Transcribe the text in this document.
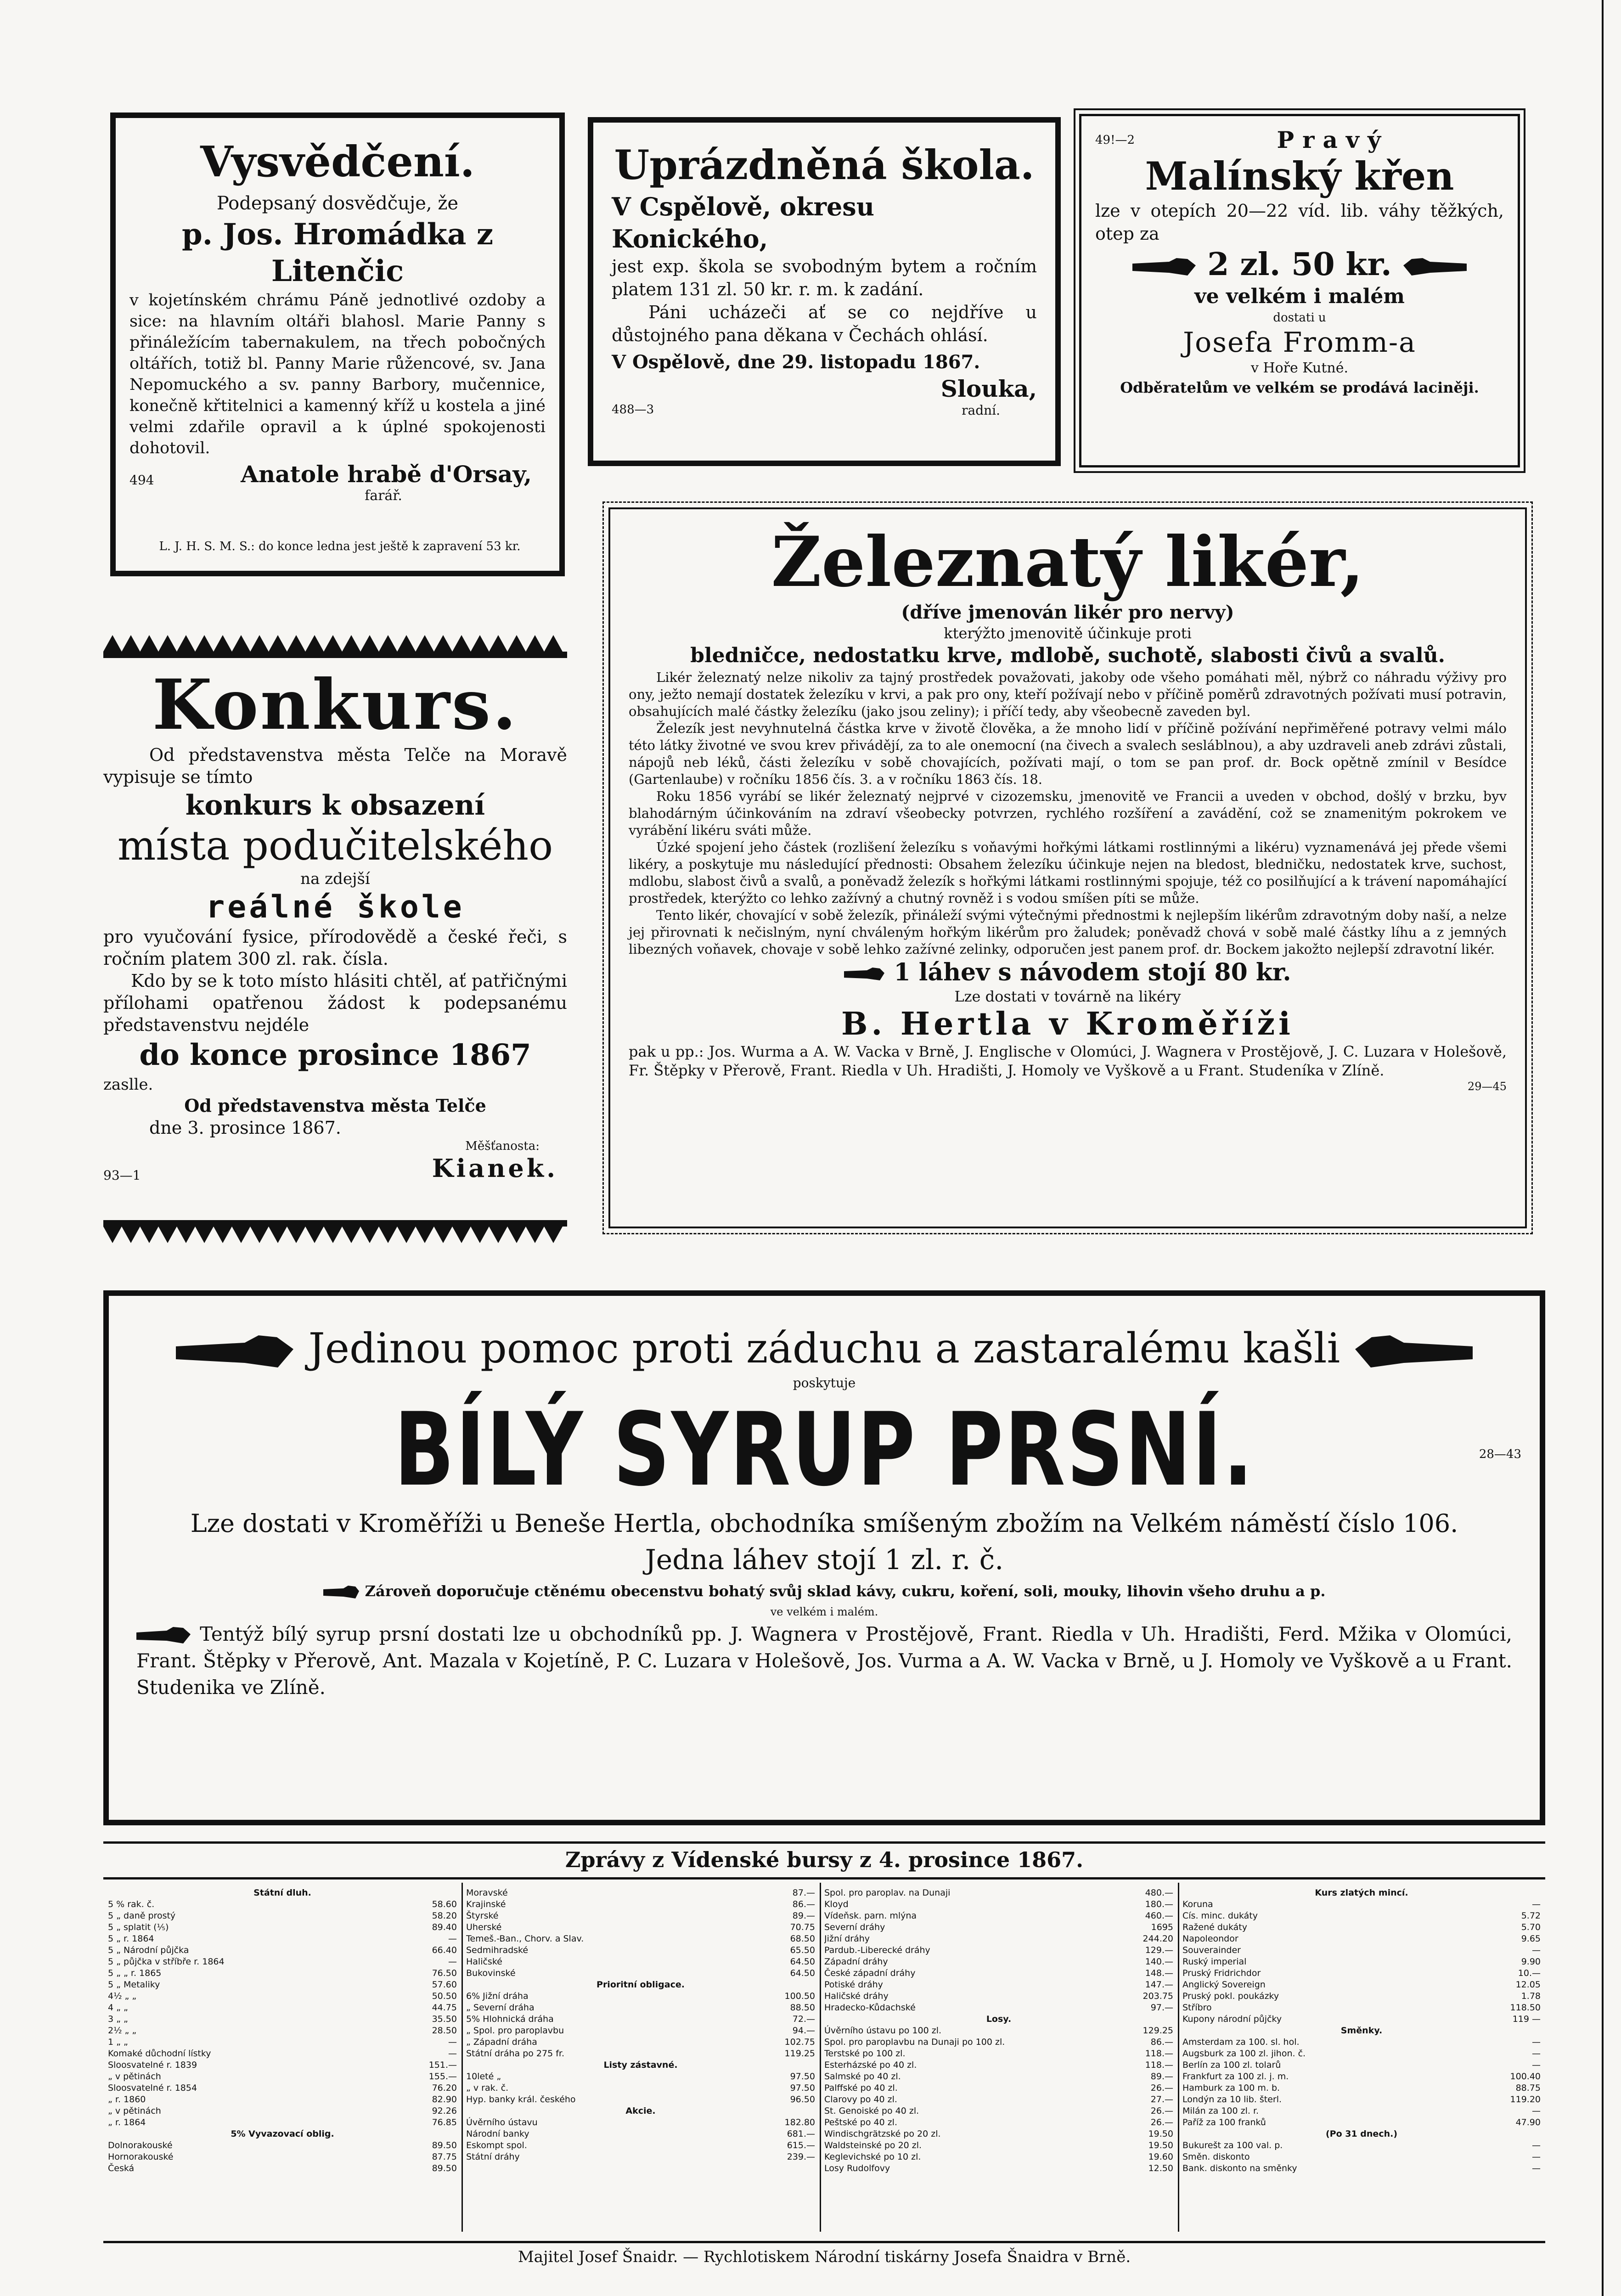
Vysvědčení.
Podepsaný dosvědčuje, že
p. Jos. Hromádka z Litenčic
v kojetínském chrámu Páně jednotlivé ozdoby a sice: na hlavním oltáři blahosl. Marie Panny s přináležícím tabernakulem, na třech pobočných oltářích, totiž bl. Panny Marie růžencové, sv. Jana Nepomuckého a sv. panny Barbory, mučennice, konečně křtitelnici a kamenný kříž u kostela a jiné velmi zdařile opravil a k úplné spokojenosti dohotovil.
494	Anatole hrabě d'Orsay,
farář.
L. J. H. S. M. S.: do konce ledna jest ještě k zapravení 53 kr.
Uprázdněná škola.
V Cspělově, okresu Konického,
jest exp. škola se svobodným bytem a ročním platem 131 zl. 50 kr. r. m. k zadání.
Páni ucházeči ať se co nejdříve u důstojného pana děkana v Čechách ohlásí.
V Ospělově, dne 29. listopadu 1867.
Slouka,
488—3	radní.
49!—2	Pravý
Malínský křen
lze v otepích 20—22 víd. lib. váhy těžkých, otep za
2 zl. 50 kr.
ve velkém i malém
dostati u
Josefa Fromm-a
v Hoře Kutné.
Odběratelům ve velkém se prodává laciněji.
Konkurs.
Od představenstva města Telče na Moravě vypisuje se tímto
konkurs k obsazení
místa podučitelského
na zdejší
reálné škole
pro vyučování fysice, přírodovědě a české řeči, s ročním platem 300 zl. rak. čísla.
Kdo by se k toto místo hlásiti chtěl, ať patřičnými přílohami opatřenou žádost k podepsanému představenstvu nejdéle
do konce prosince 1867
zaslle.
Od představenstva města Telče
dne 3. prosince 1867.
Měšťanosta:
93—1	Kianek.
Železnatý likér,
(dříve jmenován likér pro nervy)
kterýžto jmenovitě účinkuje proti
bledničce, nedostatku krve, mdlobě, suchotě, slabosti čivů a svalů.
Likér železnatý nelze nikoliv za tajný prostředek považovati, jakoby ode všeho pomáhati měl, nýbrž co náhradu výživy pro ony, ježto nemají dostatek železíku v krvi, a pak pro ony, kteří požívají nebo v příčině poměrů zdravotných požívati musí potravin, obsahujících malé částky železíku (jako jsou zeliny); i příčí tedy, aby všeobecně zaveden byl.
Železík jest nevyhnutelná částka krve v životě člověka, a že mnoho lidí v příčině požívání nepřiměřené potravy velmi málo této látky životné ve svou krev přivádějí, za to ale onemocní (na čivech a svalech sesláblnou), a aby uzdraveli aneb zdrávi zůstali, nápojů neb léků, části železíku v sobě chovajících, požívati mají, o tom se pan prof. dr. Bock opětně zmínil v Besídce (Gartenlaube) v ročníku 1856 čís. 3. a v ročníku 1863 čís. 18.
Roku 1856 vyrábí se likér železnatý nejprvé v cizozemsku, jmenovitě ve Francii a uveden v obchod, došlý v brzku, byv blahodárným účinkováním na zdraví všeobecky potvrzen, rychlého rozšíření a zavádění, což se znamenitým pokrokem ve vyrábění likéru sváti může.
Úzké spojení jeho částek (rozlišení železíku s voňavými hořkými látkami rostlinnými a likéru) vyznamenává jej přede všemi likéry, a poskytuje mu následující přednosti: Obsahem železíku účinkuje nejen na bledost, bledničku, nedostatek krve, suchost, mdlobu, slabost čivů a svalů, a poněvadž železík s hořkými látkami rostlinnými spojuje, též co posilňující a k trávení napomáhající prostředek, kterýžto co lehko zažívný a chutný rovněž i s vodou smíšen píti se může.
Tento likér, chovající v sobě železík, přináleží svými výtečnými přednostmi k nejlepším likérům zdravotným doby naší, a nelze jej přirovnati k nečislným, nyní chváleným hořkým likérům pro žaludek; poněvadž chová v sobě malé částky líhu a z jemných libezných voňavek, chovaje v sobě lehko zažívné zelinky, odporučen jest panem prof. dr. Bockem jakožto nejlepší zdravotní likér.
1 láhev s návodem stojí 80 kr.
Lze dostati v továrně na likéry
B. Hertla v Kroměříži
pak u pp.: Jos. Wurma a A. W. Vacka v Brně, J. Englische v Olomúci, J. Wagnera v Prostějově, J. C. Luzara v Holešově, Fr. Štěpky v Přerově, Frant. Riedla v Uh. Hradišti, J. Homoly ve Vyškově a u Frant. Studeníka v Zlíně.
29—45
Jedinou pomoc proti záduchu a zastaralému kašli
poskytuje
BÍLÝ SYRUP PRSNÍ.	28—43
Lze dostati v Kroměříži u Beneše Hertla, obchodníka smíšeným zbožím na Velkém náměstí číslo 106.
Jedna láhev stojí 1 zl. r. č.
Zároveň doporučuje ctěnému obecenstvu bohatý svůj sklad kávy, cukru, koření, soli, mouky, lihovin všeho druhu a p.
ve velkém i malém.
Tentýž bílý syrup prsní dostati lze u obchodníků pp. J. Wagnera v Prostějově, Frant. Riedla v Uh. Hradišti, Ferd. Mžika v Olomúci, Frant. Štěpky v Přerově, Ant. Mazala v Kojetíně, P. C. Luzara v Holešově, Jos. Vurma a A. W. Vacka v Brně, u J. Homoly ve Vyškově a u Frant. Studenika ve Zlíně.
Zprávy z Vídenské bursy z 4. prosince 1867.
Státní dluh.
5 % rak. č.	58.60
5 „ daně prostý	58.20
5 „ splatit (⅕)	89.40
5 „ r. 1864	—
5 „ Národní půjčka	66.40
5 „ půjčka v stříbře r. 1864	—
5 „ „ r. 1865	76.50
5 „ Metaliky	57.60
4½ „ „	50.50
4 „ „	44.75
3 „ „	35.50
2½ „ „	28.50
1 „ „	—
Komaké důchodní lístky	—
Sloosvatelné r. 1839	151.—
„ v pětinách	155.—
Sloosvatelné r. 1854	76.20
„ r. 1860	82.90
„ v pětinách	92.26
„ r. 1864	76.85
5% Vyvazovací oblig.
Dolnorakouské	89.50
Hornorakouské	87.75
Česká	89.50
Moravské	87.—
Krajinské	86.—
Štyrské	89.—
Uherské	70.75
Temeš.-Ban., Chorv. a Slav.	68.50
Sedmihradské	65.50
Haličské	64.50
Bukovinské	64.50
Prioritní obligace.
6% Jižní dráha	100.50
„ Severní dráha	88.50
5% Hlohnická dráha	72.—
„ Spol. pro paroplavbu	94.—
„ Západní dráha	102.75
Státní dráha po 275 fr.	119.25
Listy zástavné.
10leté „	97.50
„ v rak. č.	97.50
Hyp. banky král. českého	96.50
Akcie.
Úvěrního ústavu	182.80
Národní banky	681.—
Eskompt spol.	615.—
Státní dráhy	239.—
Spol. pro paroplav. na Dunaji	480.—
Kloyd	180.—
Vídeňsk. parn. mlýna	460.—
Severní dráhy	1695
Jižní dráhy	244.20
Pardub.-Liberecké dráhy	129.—
Západní dráhy	140.—
České západní dráhy	148.—
Potiské dráhy	147.—
Haličské dráhy	203.75
Hradecko-Kůdachské	97.—
Losy.
Úvěrního ústavu po 100 zl.	129.25
Spol. pro paroplavbu na Dunaji po 100 zl.	86.—
Terstské po 100 zl.	118.—
Esterházské po 40 zl.	118.—
Salmské po 40 zl.	89.—
Palffské po 40 zl.	26.—
Clarovy po 40 zl.	27.—
St. Genoiské po 40 zl.	26.—
Peštské po 40 zl.	26.—
Windischgrätzské po 20 zl.	19.50
Waldsteinské po 20 zl.	19.50
Keglevichské po 10 zl.	19.60
Losy Rudolfovy	12.50
Kurs zlatých mincí.
Koruna	—
Cís. minc. dukáty	5.72
Ražené dukáty	5.70
Napoleondor	9.65
Souverainder	—
Ruský imperial	9.90
Pruský Fridrichdor	10.—
Anglický Sovereign	12.05
Pruský pokl. poukázky	1.78
Stříbro	118.50
Kupony národní půjčky	119 —
Směnky.
Amsterdam za 100. sl. hol.	—
Augsburk za 100 zl. jihon. č.	—
Berlín za 100 zl. tolarů	—
Frankfurt za 100 zl. j. m.	100.40
Hamburk za 100 m. b.	88.75
Londýn za 10 lib. šterl.	119.20
Milán za 100 zl. r.	—
Paříž za 100 franků	47.90
(Po 31 dnech.)
Bukurešt za 100 val. p.	—
Směn. diskonto	—
Bank. diskonto na směnky	—
Majitel Josef Šnaidr. — Rychlotiskem Národní tiskárny Josefa Šnaidra v Brně.
